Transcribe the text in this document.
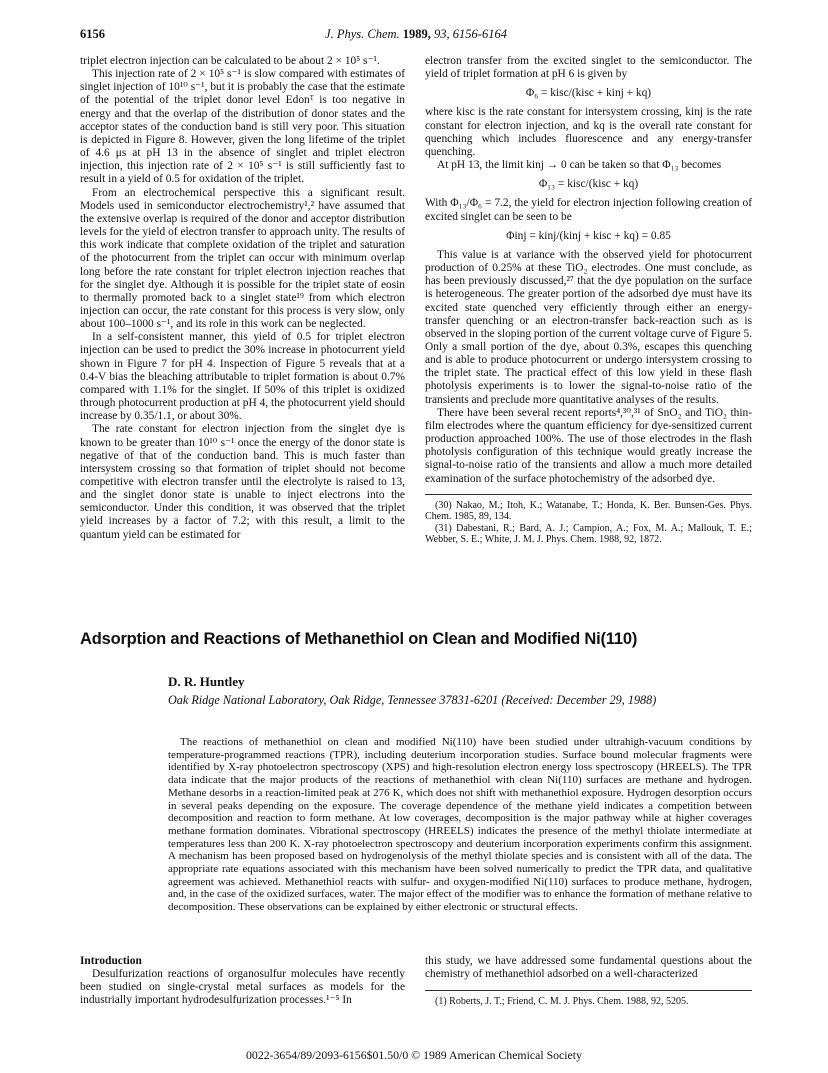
6156	J. Phys. Chem. 1989, 93, 6156-6164

triplet electron injection can be calculated to be about 2 × 10⁵ s⁻¹.

This injection rate of 2 × 10⁵ s⁻¹ is slow compared with estimates of singlet injection of 10¹⁰ s⁻¹, but it is probably the case that the estimate of the potential of the triplet donor level Edonᵀ is too negative in energy and that the overlap of the distribution of donor states and the acceptor states of the conduction band is still very poor. This situation is depicted in Figure 8. However, given the long lifetime of the triplet of 4.6 μs at pH 13 in the absence of singlet and triplet electron injection, this injection rate of 2 × 10⁵ s⁻¹ is still sufficiently fast to result in a yield of 0.5 for oxidation of the triplet.

From an electrochemical perspective this a significant result. Models used in semiconductor electrochemistry¹,² have assumed that the extensive overlap is required of the donor and acceptor distribution levels for the yield of electron transfer to approach unity. The results of this work indicate that complete oxidation of the triplet and saturation of the photocurrent from the triplet can occur with minimum overlap long before the rate constant for triplet electron injection reaches that for the singlet dye. Although it is possible for the triplet state of eosin to thermally promoted back to a singlet state¹⁹ from which electron injection can occur, the rate constant for this process is very slow, only about 100–1000 s⁻¹, and its role in this work can be neglected.

In a self-consistent manner, this yield of 0.5 for triplet electron injection can be used to predict the 30% increase in photocurrent yield shown in Figure 7 for pH 4. Inspection of Figure 5 reveals that at a 0.4-V bias the bleaching attributable to triplet formation is about 0.7% compared with 1.1% for the singlet. If 50% of this triplet is oxidized through photocurrent production at pH 4, the photocurrent yield should increase by 0.35/1.1, or about 30%.

The rate constant for electron injection from the singlet dye is known to be greater than 10¹⁰ s⁻¹ once the energy of the donor state is negative of that of the conduction band. This is much faster than intersystem crossing so that formation of triplet should not become competitive with electron transfer until the electrolyte is raised to 13, and the singlet donor state is unable to inject electrons into the semiconductor. Under this condition, it was observed that the triplet yield increases by a factor of 7.2; with this result, a limit to the quantum yield can be estimated for

electron transfer from the excited singlet to the semiconductor. The yield of triplet formation at pH 6 is given by

Φ₆ = kisc/(kisc + kinj + kq)

where kisc is the rate constant for intersystem crossing, kinj is the rate constant for electron injection, and kq is the overall rate constant for quenching which includes fluorescence and any energy-transfer quenching.

At pH 13, the limit kinj → 0 can be taken so that Φ₁₃ becomes

Φ₁₃ = kisc/(kisc + kq)

With Φ₁₃/Φ₆ = 7.2, the yield for electron injection following creation of excited singlet can be seen to be

Φinj = kinj/(kinj + kisc + kq) = 0.85

This value is at variance with the observed yield for photocurrent production of 0.25% at these TiO₂ electrodes. One must conclude, as has been previously discussed,²⁷ that the dye population on the surface is heterogeneous. The greater portion of the adsorbed dye must have its excited state quenched very efficiently through either an energy-transfer quenching or an electron-transfer back-reaction such as is observed in the sloping portion of the current voltage curve of Figure 5. Only a small portion of the dye, about 0.3%, escapes this quenching and is able to produce photocurrent or undergo intersystem crossing to the triplet state. The practical effect of this low yield in these flash photolysis experiments is to lower the signal-to-noise ratio of the transients and preclude more quantitative analyses of the results.

There have been several recent reports⁴,³⁰,³¹ of SnO₂ and TiO₂ thin-film electrodes where the quantum efficiency for dye-sensitized current production approached 100%. The use of those electrodes in the flash photolysis configuration of this technique would greatly increase the signal-to-noise ratio of the transients and allow a much more detailed examination of the surface photochemistry of the adsorbed dye.

(30) Nakao, M.; Itoh, K.; Watanabe, T.; Honda, K. Ber. Bunsen-Ges. Phys. Chem. 1985, 89, 134.

(31) Dabestani, R.; Bard, A. J.; Campion, A.; Fox, M. A.; Mallouk, T. E.; Webber, S. E.; White, J. M. J. Phys. Chem. 1988, 92, 1872.

Adsorption and Reactions of Methanethiol on Clean and Modified Ni(110)
D. R. Huntley
Oak Ridge National Laboratory, Oak Ridge, Tennessee 37831-6201 (Received: December 29, 1988)
The reactions of methanethiol on clean and modified Ni(110) have been studied under ultrahigh-vacuum conditions by temperature-programmed reactions (TPR), including deuterium incorporation studies. Surface bound molecular fragments were identified by X-ray photoelectron spectroscopy (XPS) and high-resolution electron energy loss spectroscopy (HREELS). The TPR data indicate that the major products of the reactions of methanethiol with clean Ni(110) surfaces are methane and hydrogen. Methane desorbs in a reaction-limited peak at 276 K, which does not shift with methanethiol exposure. Hydrogen desorption occurs in several peaks depending on the exposure. The coverage dependence of the methane yield indicates a competition between decomposition and reaction to form methane. At low coverages, decomposition is the major pathway while at higher coverages methane formation dominates. Vibrational spectroscopy (HREELS) indicates the presence of the methyl thiolate intermediate at temperatures less than 200 K. X-ray photoelectron spectroscopy and deuterium incorporation experiments confirm this assignment. A mechanism has been proposed based on hydrogenolysis of the methyl thiolate species and is consistent with all of the data. The appropriate rate equations associated with this mechanism have been solved numerically to predict the TPR data, and qualitative agreement was achieved. Methanethiol reacts with sulfur- and oxygen-modified Ni(110) surfaces to produce methane, hydrogen, and, in the case of the oxidized surfaces, water. The major effect of the modifier was to enhance the formation of methane relative to decomposition. These observations can be explained by either electronic or structural effects.

Introduction

Desulfurization reactions of organosulfur molecules have recently been studied on single-crystal metal surfaces as models for the industrially important hydrodesulfurization processes.¹⁻⁵ In

this study, we have addressed some fundamental questions about the chemistry of methanethiol adsorbed on a well-characterized

(1) Roberts, J. T.; Friend, C. M. J. Phys. Chem. 1988, 92, 5205.

0022-3654/89/2093-6156$01.50/0 © 1989 American Chemical Society
